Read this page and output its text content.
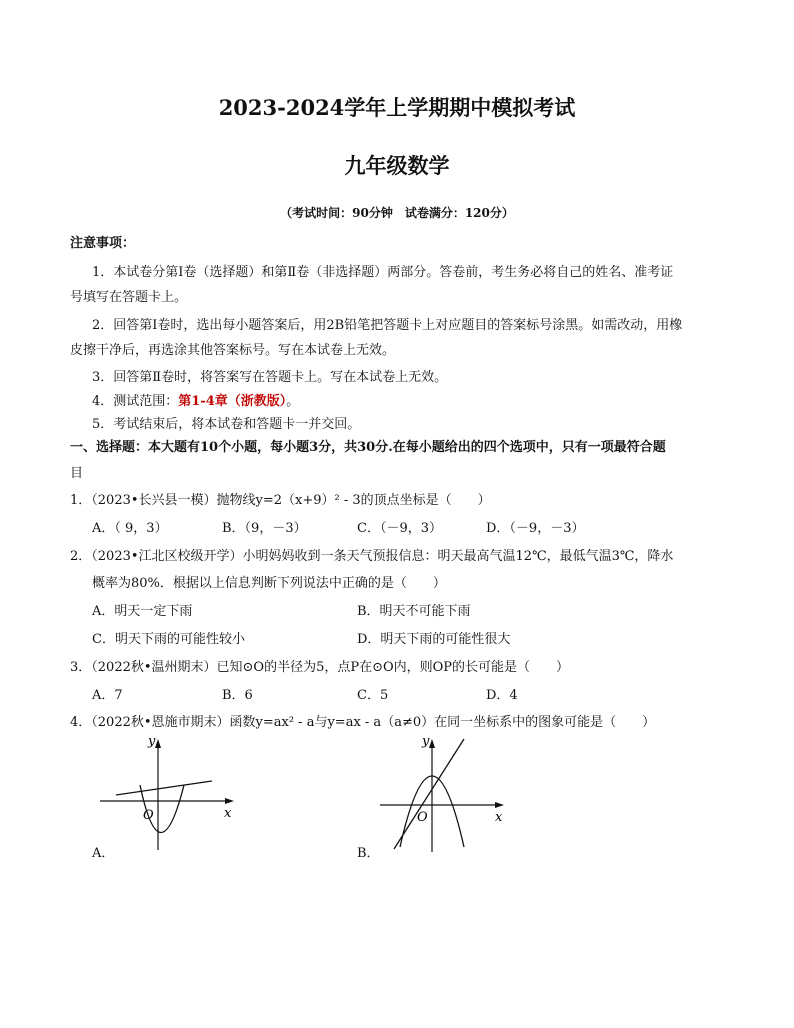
2023-2024学年上学期期中模拟考试
九年级数学
（考试时间：90分钟　试卷满分：120分）
注意事项：
1．本试卷分第Ⅰ卷（选择题）和第Ⅱ卷（非选择题）两部分。答卷前，考生务必将自己的姓名、准考证
号填写在答题卡上。
2．回答第Ⅰ卷时，选出每小题答案后，用2B铅笔把答题卡上对应题目的答案标号涂黑。如需改动，用橡
皮擦干净后，再选涂其他答案标号。写在本试卷上无效。
3．回答第Ⅱ卷时，将答案写在答题卡上。写在本试卷上无效。
4．测试范围：第1-4章（浙教版）。
5．考试结束后，将本试卷和答题卡一并交回。
一、选择题：本大题有10个小题，每小题3分，共30分.在每小题给出的四个选项中，只有一项最符合题
目
1．（2023•长兴县一模）抛物线y=2（x+9）² - 3的顶点坐标是（　　）
A．（ 9，3）	B．（9，－3）	C．（－9，3）	D．（－9，－3）
2．（2023•江北区校级开学）小明妈妈收到一条天气预报信息：明天最高气温12℃，最低气温3℃，降水
概率为80%．根据以上信息判断下列说法中正确的是（　　）
A．明天一定下雨	B．明天不可能下雨
C．明天下雨的可能性较小	D．明天下雨的可能性很大
3．（2022秋•温州期末）已知⊙O的半径为5，点P在⊙O内，则OP的长可能是（　　）
A．7	B．6	C．5	D．4
4．（2022秋•恩施市期末）函数y=ax² - a与y=ax - a（a≠0）在同一坐标系中的图象可能是（　　）
y
x
O
A．
y
x
O
B．
